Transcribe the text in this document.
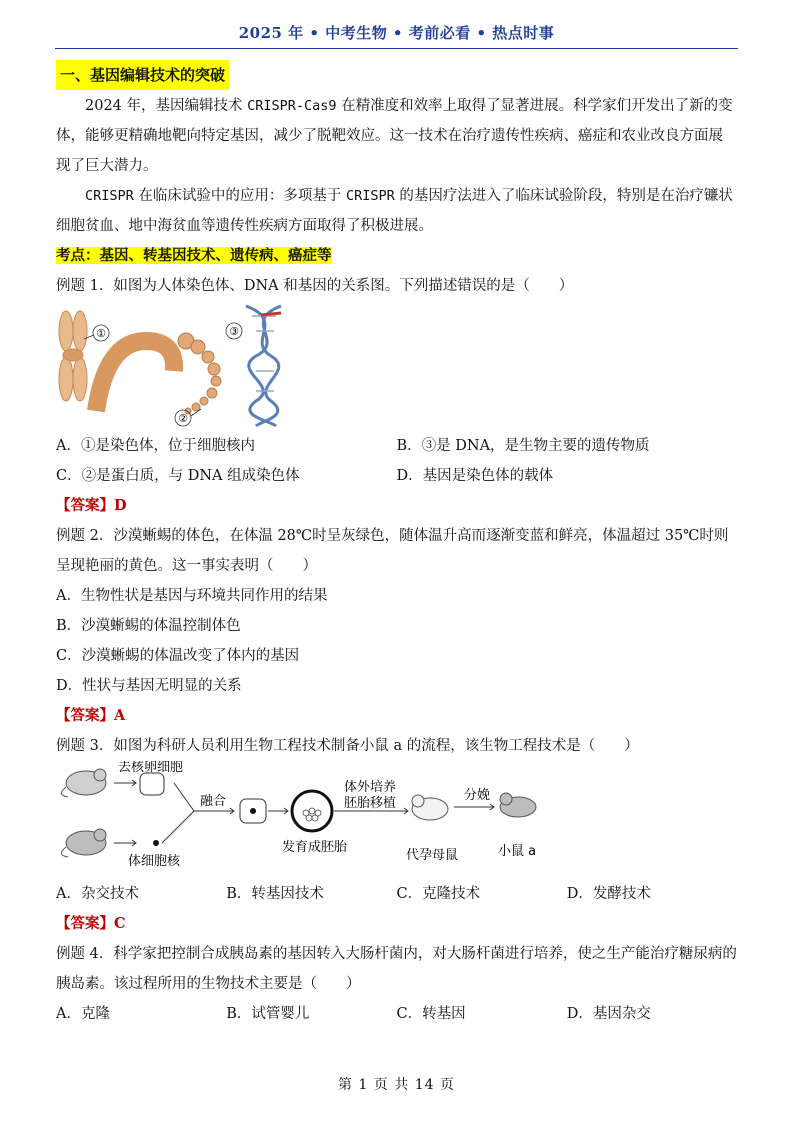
2025 年 • 中考生物 • 考前必看 • 热点时事
一、基因编辑技术的突破

2024 年，基因编辑技术 CRISPR-Cas9 在精准度和效率上取得了显著进展。科学家们开发出了新的变体，能够更精确地靶向特定基因，减少了脱靶效应。这一技术在治疗遗传性疾病、癌症和农业改良方面展现了巨大潜力。

CRISPR 在临床试验中的应用：多项基于 CRISPR 的基因疗法进入了临床试验阶段，特别是在治疗镰状细胞贫血、地中海贫血等遗传性疾病方面取得了积极进展。

考点：基因、转基因技术、遗传病、癌症等

例题 1．如图为人体染色体、DNA 和基因的关系图。下列描述错误的是（　　）

①	③
②
A．①是染色体，位于细胞核内	B．③是 DNA，是生物主要的遗传物质
C．②是蛋白质，与 DNA 组成染色体	D．基因是染色体的载体
【答案】D

例题 2．沙漠蜥蜴的体色，在体温 28℃时呈灰绿色，随体温升高而逐渐变蓝和鲜亮，体温超过 35℃时则呈现艳丽的黄色。这一事实表明（　　）

A．生物性状是基因与环境共同作用的结果
B．沙漠蜥蜴的体温控制体色
C．沙漠蜥蜴的体温改变了体内的基因
D．性状与基因无明显的关系
【答案】A

例题 3．如图为科研人员利用生物工程技术制备小鼠 a 的流程，该生物工程技术是（　　）

去核卵细胞
体细胞核
融合
发育成胚胎
体外培养
胚胎移植
代孕母鼠
分娩
小鼠 a
A．杂交技术	B．转基因技术	C．克隆技术	D．发酵技术
【答案】C

例题 4．科学家把控制合成胰岛素的基因转入大肠杆菌内，对大肠杆菌进行培养，使之生产能治疗糖尿病的胰岛素。该过程所用的生物技术主要是（　　）

A．克隆	B．试管婴儿	C．转基因	D．基因杂交
第 1 页 共 14 页
